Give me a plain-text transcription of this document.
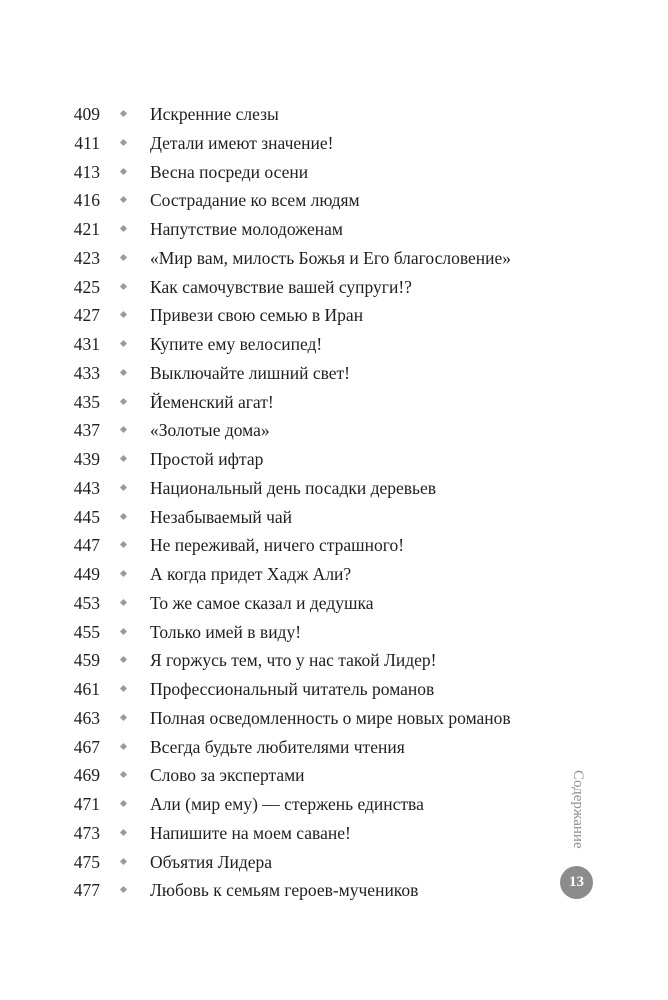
409	Искренние слезы
411	Детали имеют значение!
413	Весна посреди осени
416	Сострадание ко всем людям
421	Напутствие молодоженам
423	«Мир вам, милость Божья и Его благословение»
425	Как самочувствие вашей супруги!?
427	Привези свою семью в Иран
431	Купите ему велосипед!
433	Выключайте лишний свет!
435	Йеменский агат!
437	«Золотые дома»
439	Простой ифтар
443	Национальный день посадки деревьев
445	Незабываемый чай
447	Не переживай, ничего страшного!
449	А когда придет Хадж Али?
453	То же самое сказал и дедушка
455	Только имей в виду!
459	Я горжусь тем, что у нас такой Лидер!
461	Профессиональный читатель романов
463	Полная осведомленность о мире новых романов
467	Всегда будьте любителями чтения
469	Слово за экспертами
471	Али (мир ему) — стержень единства
473	Напишите на моем саване!
475	Объятия Лидера
477	Любовь к семьям героев-мучеников
Содержание
13
